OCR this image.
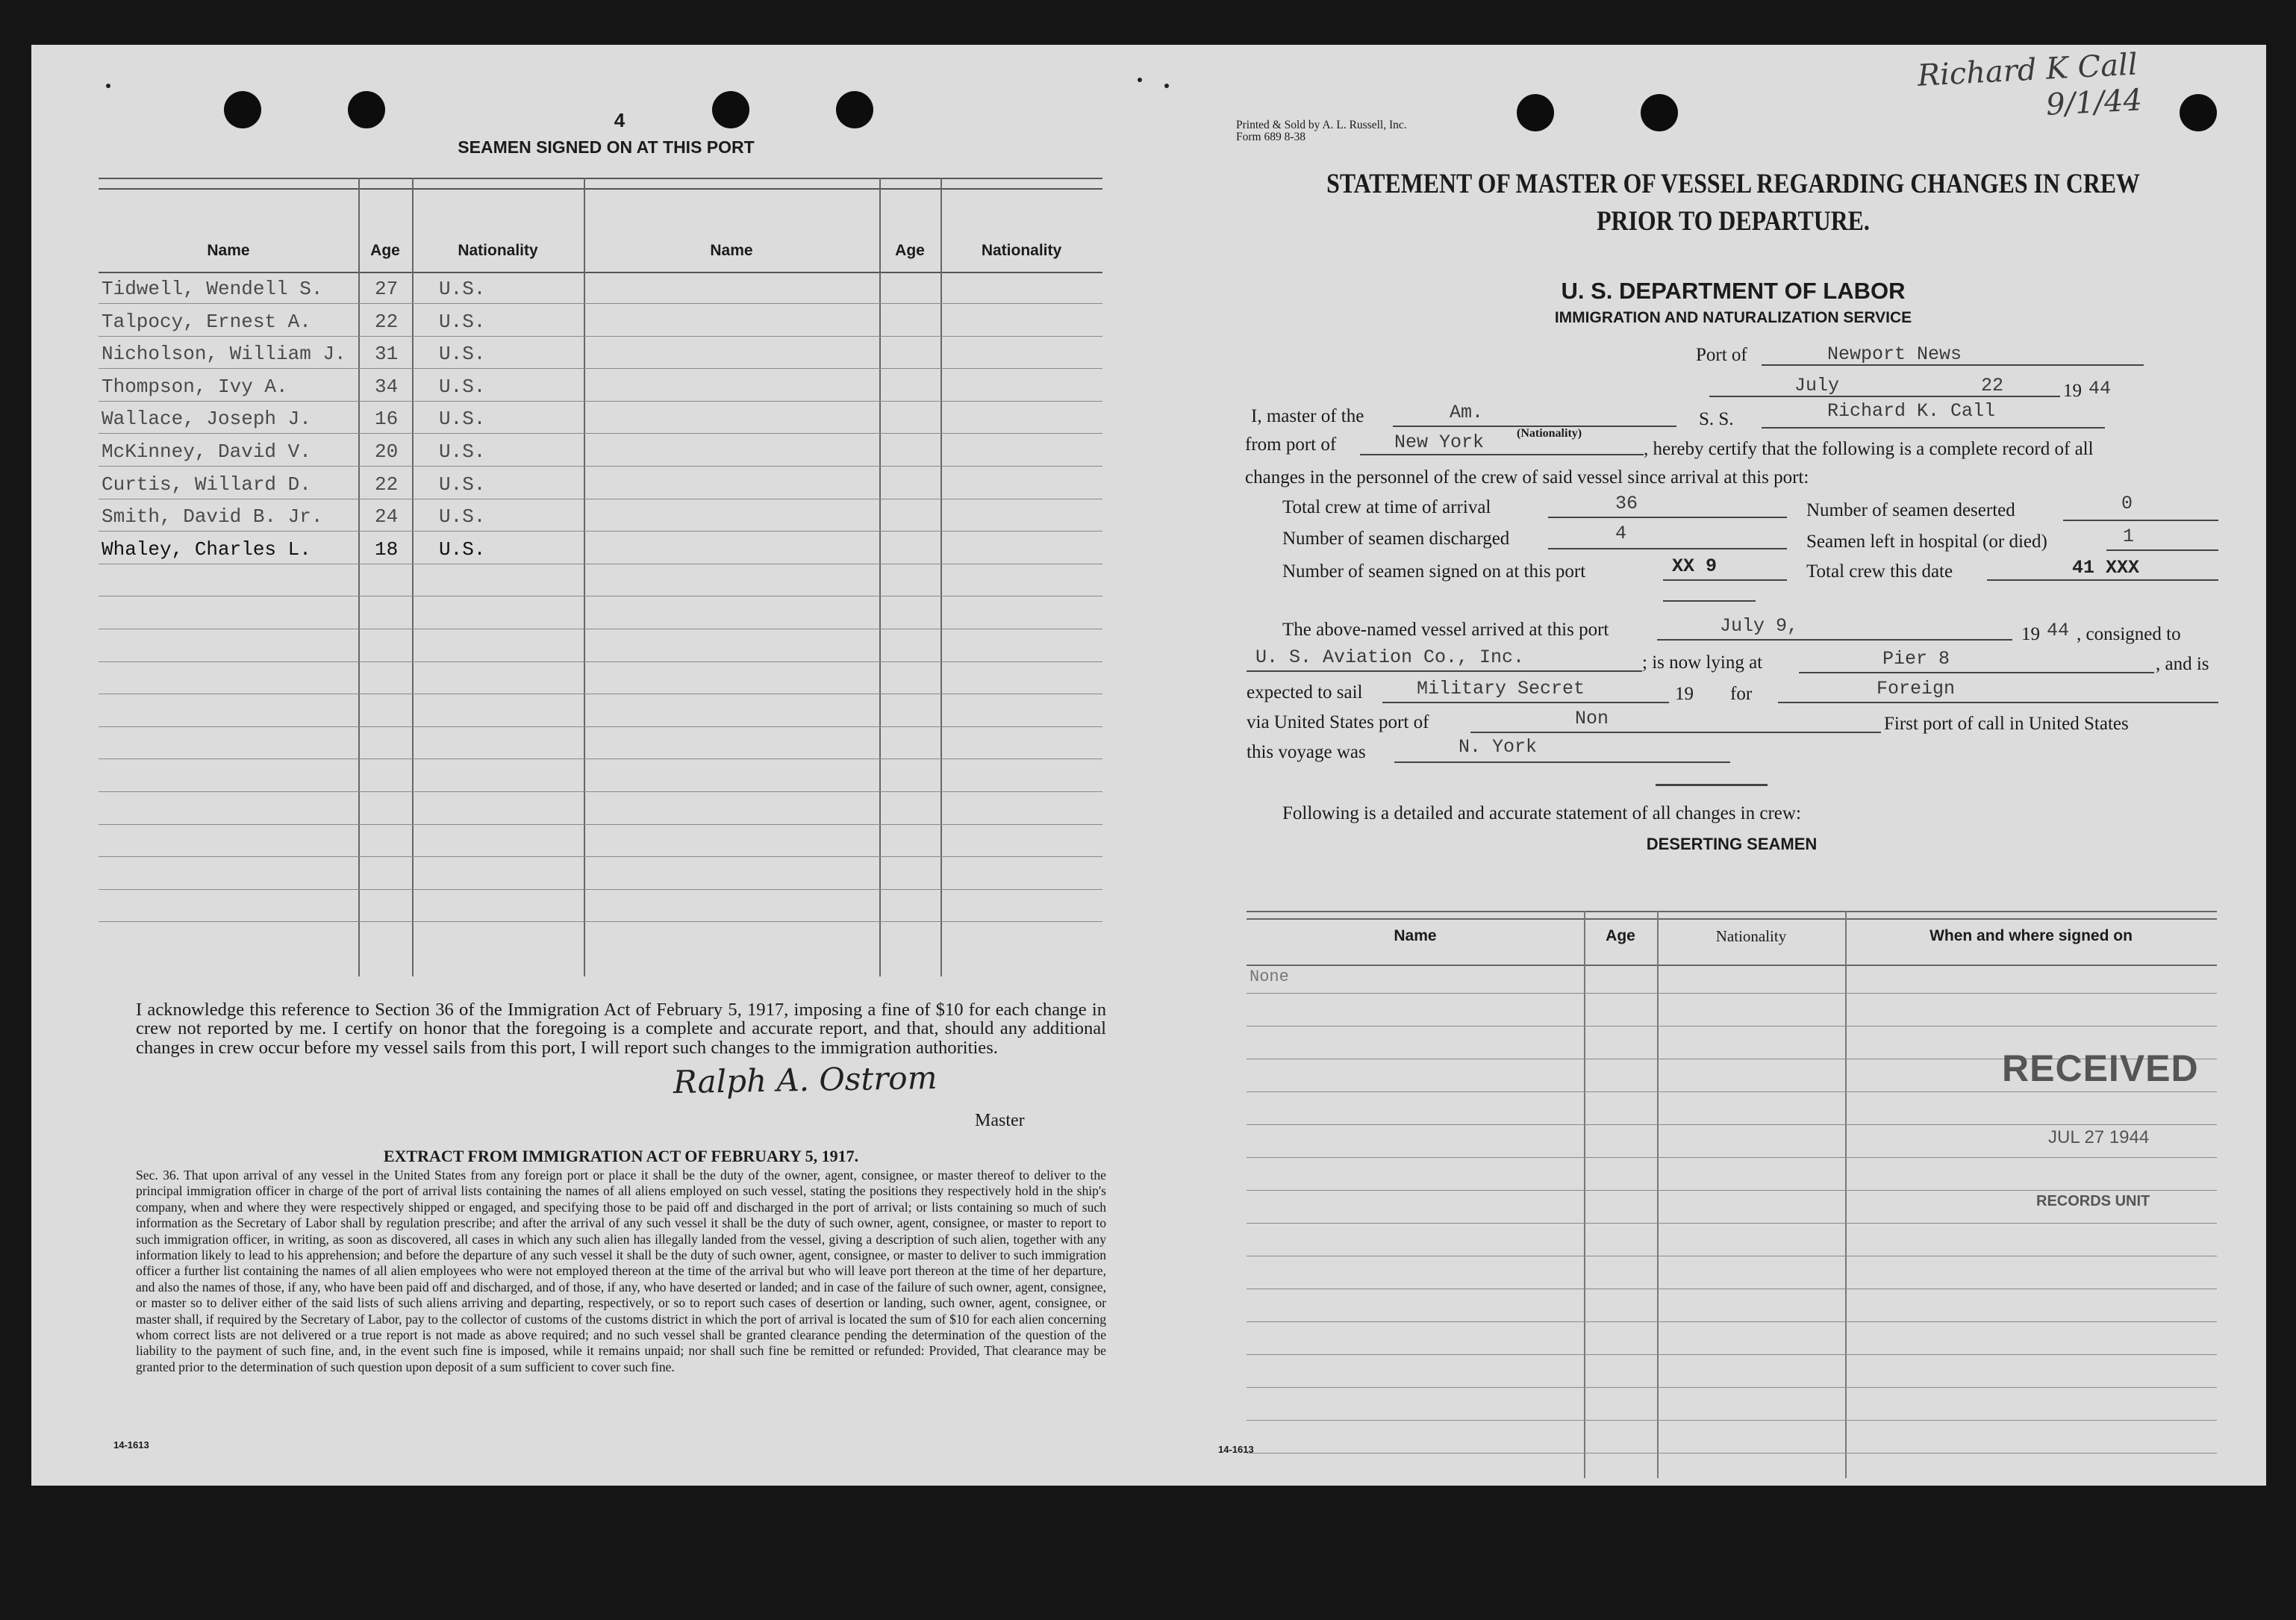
4
SEAMEN SIGNED ON AT THIS PORT
Name	Age	Nationality	Name	Age	Nationality
Tidwell, Wendell S.	27 U.S.
Talpocy, Ernest A.	22 U.S.
Nicholson, William J. 31 U.S.
Thompson, Ivy A.	34 U.S.
Wallace, Joseph J.	16 U.S.
McKinney, David V.	20 U.S.
Curtis, Willard D.	22 U.S.
Smith, David B. Jr.	24 U.S.
Whaley, Charles L.	18 U.S.
I acknowledge this reference to Section 36 of the Immigration Act of February 5, 1917, imposing a fine of $10 for each change in crew not reported by me. I certify on honor that the foregoing is a complete and accurate report, and that, should any additional changes in crew occur before my vessel sails from this port, I will report such changes to the immigration authorities.
Ralph A. Ostrom
Master
EXTRACT FROM IMMIGRATION ACT OF FEBRUARY 5, 1917.
Sec. 36. That upon arrival of any vessel in the United States from any foreign port or place it shall be the duty of the owner, agent, consignee, or master thereof to deliver to the principal immigration officer in charge of the port of arrival lists containing the names of all aliens employed on such vessel, stating the positions they respectively hold in the ship's company, when and where they were respectively shipped or engaged, and specifying those to be paid off and discharged in the port of arrival; or lists containing so much of such information as the Secretary of Labor shall by regulation prescribe; and after the arrival of any such vessel it shall be the duty of such owner, agent, consignee, or master to report to such immigration officer, in writing, as soon as discovered, all cases in which any such alien has illegally landed from the vessel, giving a description of such alien, together with any information likely to lead to his apprehension; and before the departure of any such vessel it shall be the duty of such owner, agent, consignee, or master to deliver to such immigration officer a further list containing the names of all alien employees who were not employed thereon at the time of the arrival but who will leave port thereon at the time of her departure, and also the names of those, if any, who have been paid off and discharged, and of those, if any, who have deserted or landed; and in case of the failure of such owner, agent, consignee, or master so to deliver either of the said lists of such aliens arriving and departing, respectively, or so to report such cases of desertion or landing, such owner, agent, consignee, or master shall, if required by the Secretary of Labor, pay to the collector of customs of the customs district in which the port of arrival is located the sum of $10 for each alien concerning whom correct lists are not delivered or a true report is not made as above required; and no such vessel shall be granted clearance pending the determination of the question of the liability to the payment of such fine, and, in the event such fine is imposed, while it remains unpaid; nor shall such fine be remitted or refunded: Provided, That clearance may be granted prior to the determination of such question upon deposit of a sum sufficient to cover such fine.
14-1613
Richard K Call
9/1/44
Printed & Sold by A. L. Russell, Inc.
Form 689 8-38
STATEMENT OF MASTER OF VESSEL REGARDING CHANGES IN CREW
PRIOR TO DEPARTURE.
U. S. DEPARTMENT OF LABOR
IMMIGRATION AND NATURALIZATION SERVICE
Port of	Newport News
July	22	19 44
I, master of the	Am.	S. S.	Richard K. Call
from port of	New York	(Nationality)
, hereby certify that the following is a complete record of all
changes in the personnel of the crew of said vessel since arrival at this port:
Total crew at time of arrival	36	Number of seamen deserted	0
Number of seamen discharged	4	Seamen left in hospital (or died)	1
Number of seamen signed on at this port	XX 9	Total crew this date	41 XXX
The above-named vessel arrived at this port	July 9,	19 44 , consigned to
U. S. Aviation Co., Inc.	; is now lying at	Pier 8	, and is
expected to sail	Military Secret	19 for	Foreign
via United States port of	Non	First port of call in United States
this voyage was	N. York
Following is a detailed and accurate statement of all changes in crew:
DESERTING SEAMEN
Name	Age	Nationality	When and where signed on
None
RECEIVED
JUL 27 1944
RECORDS UNIT
14-1613
